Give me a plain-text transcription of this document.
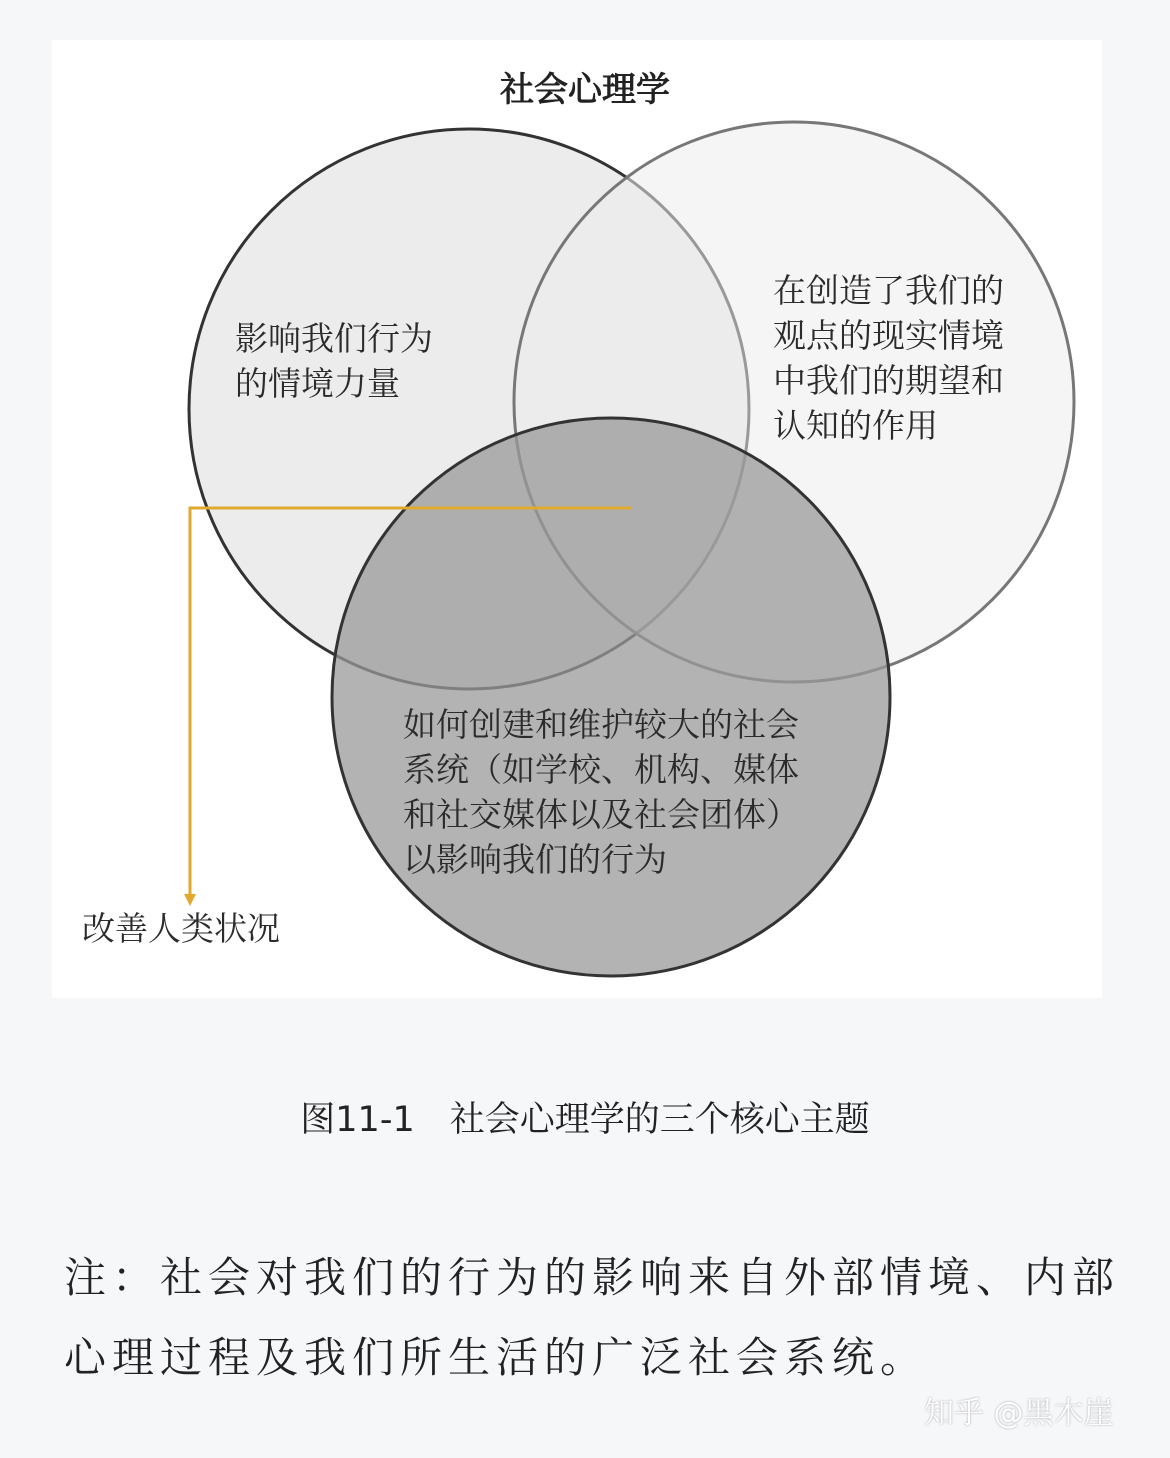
社会心理学

影响我们行为
的情境力量
在创造了我们的
观点的现实情境
中我们的期望和
认知的作用
如何创建和维护较大的社会
系统（如学校、机构、媒体
和社交媒体以及社会团体）
以影响我们的行为
改善人类状况

图11-1　社会心理学的三个核心主题

注：社会对我们的行为的影响来自外部情境、内部心理过程及我们所生活的广泛社会系统。

知乎 @黑木崖
